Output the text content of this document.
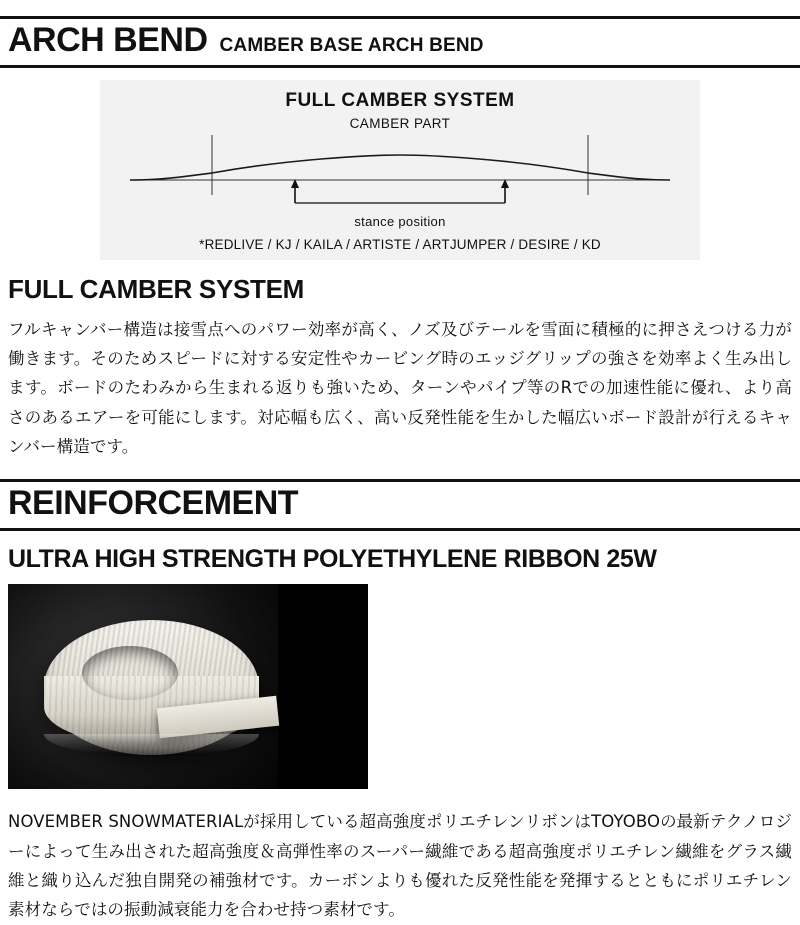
ARCH BEND CAMBER BASE ARCH BEND
FULL CAMBER SYSTEM
CAMBER PART
stance position
*REDLIVE / KJ / KAILA / ARTISTE / ARTJUMPER / DESIRE / KD
FULL CAMBER SYSTEM
フルキャンバー構造は接雪点へのパワー効率が高く、ノズ及びテールを雪面に積極的に押さえつける力が働きます。そのためスピードに対する安定性やカービング時のエッジグリップの強さを効率よく生み出します。ボードのたわみから生まれる返りも強いため、ターンやパイプ等のRでの加速性能に優れ、より高さのあるエアーを可能にします。対応幅も広く、高い反発性能を生かした幅広いボード設計が行えるキャンバー構造です。
REINFORCEMENT
ULTRA HIGH STRENGTH POLYETHYLENE RIBBON 25W
NOVEMBER SNOWMATERIALが採用している超高強度ポリエチレンリボンはTOYOBOの最新テクノロジーによって生み出された超高強度＆高弾性率のスーパー繊維である超高強度ポリエチレン繊維をグラス繊維と織り込んだ独自開発の補強材です。カーボンよりも優れた反発性能を発揮するとともにポリエチレン素材ならではの振動減衰能力を合わせ持つ素材です。
